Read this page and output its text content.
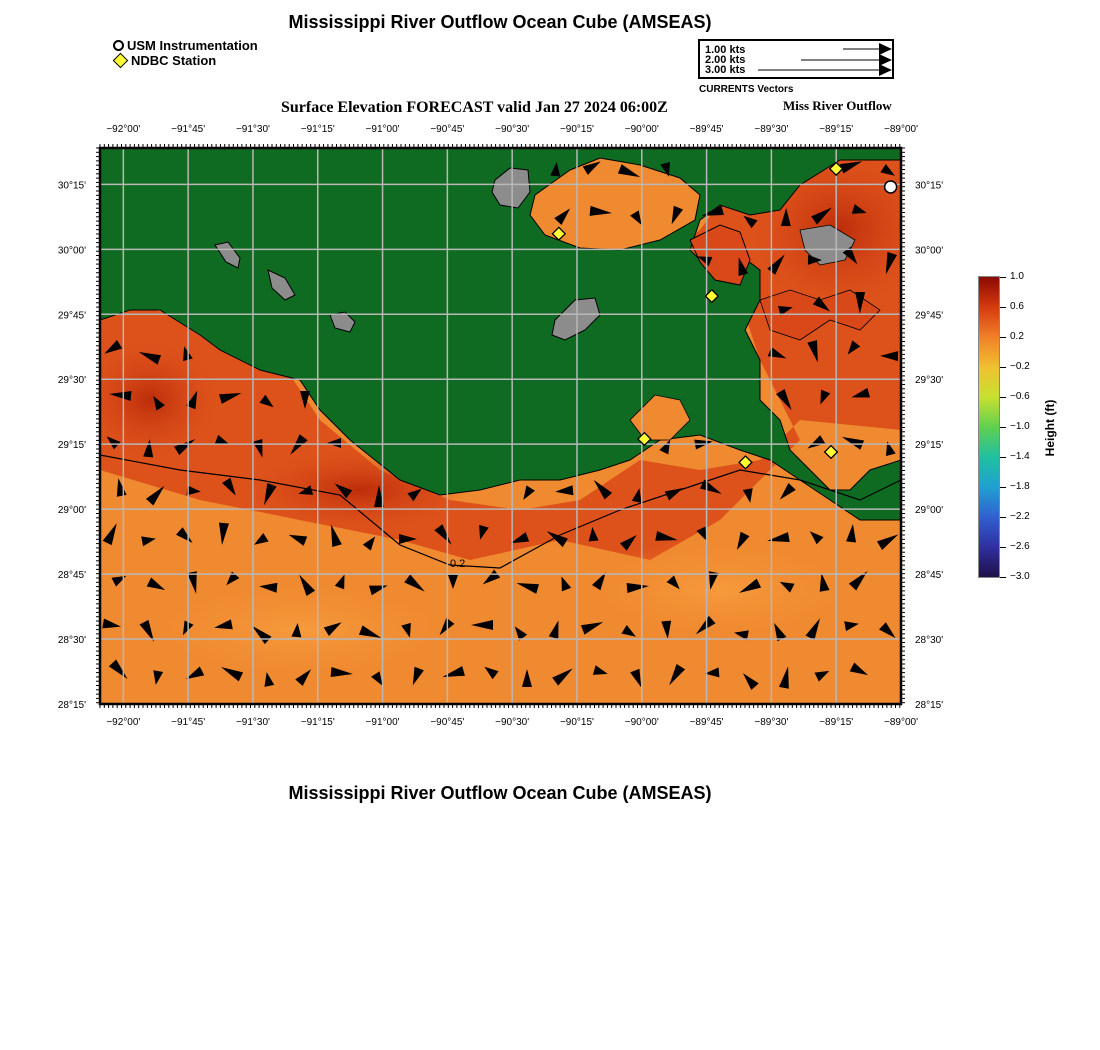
Mississippi River Outflow Ocean Cube (AMSEAS)
USM Instrumentation
NDBC Station
1.00 kts
2.00 kts
3.00 kts
CURRENTS Vectors
Surface Elevation FORECAST valid Jan 27 2024 06:00Z	Miss River Outflow
−92°00'
−92°00'
−91°45'
−91°45'
−91°30'
−91°30'
−91°15'
−91°15'
−91°00'
−91°00'
−90°45'
−90°45'
−90°30'
−90°30'
−90°15'
−90°15'
−90°00'
−90°00'
−89°45'
−89°45'
−89°30'
−89°30'
−89°15'
−89°15'
−89°00'
−89°00'
30°15'	30°15'
30°00'	30°00'
29°45'	29°45'
29°30'	29°30'
29°15'	29°15'
29°00'	29°00'
28°45'	28°45'
28°30'	28°30'
28°15'	28°15'
0.2
1.0
0.6
0.2
−0.2
−0.6
−1.0
−1.4
−1.8
−2.2
−2.6
−3.0
Height (ft)
Mississippi River Outflow Ocean Cube (AMSEAS)
